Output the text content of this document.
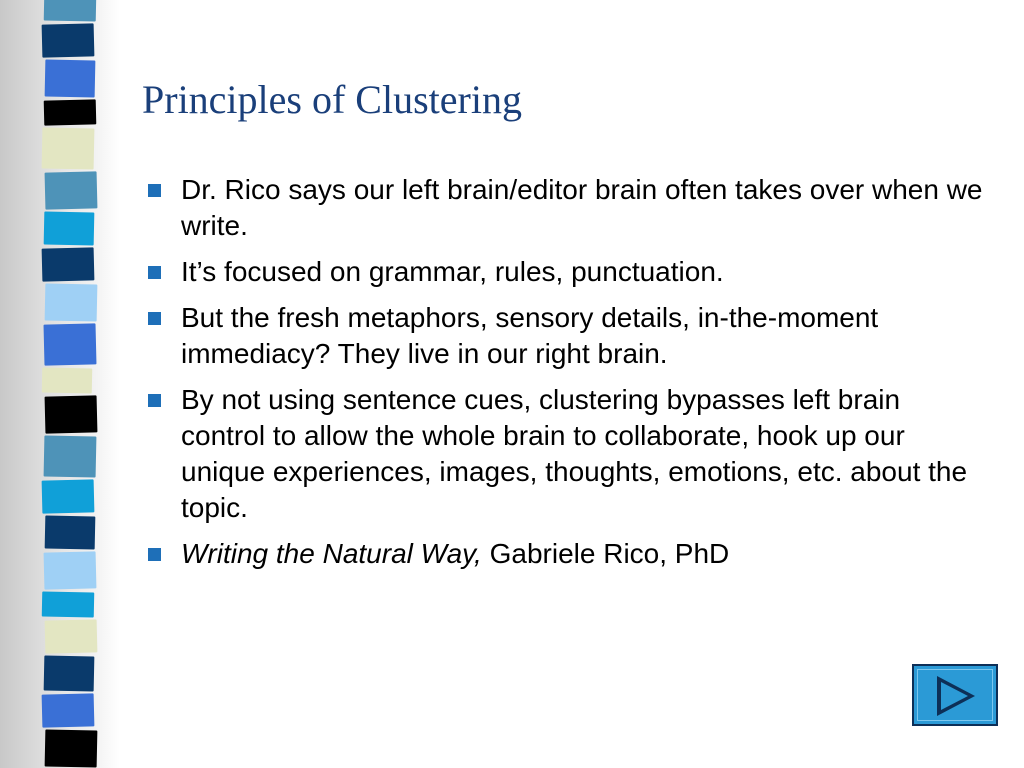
Principles of Clustering
Dr. Rico says our left brain/editor brain often takes over when we write.
It’s focused on grammar, rules, punctuation.
But the fresh metaphors, sensory details, in-the-moment immediacy? They live in our right brain.
By not using sentence cues, clustering bypasses left brain control to allow the whole brain to collaborate, hook up our unique experiences, images, thoughts, emotions, etc. about the topic.
Writing the Natural Way, Gabriele Rico, PhD
